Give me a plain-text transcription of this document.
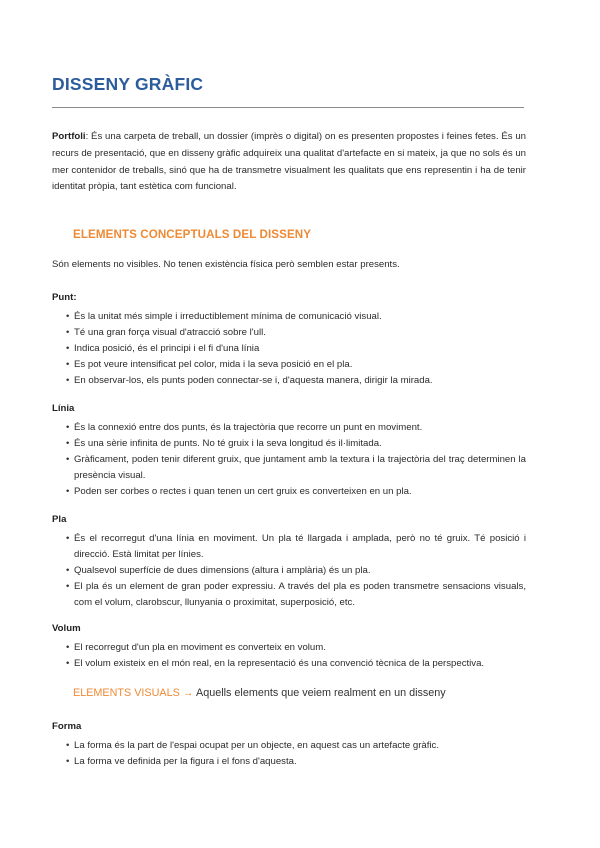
DISSENY GRÀFIC

Portfoli: És una carpeta de treball, un dossier (imprès o digital) on es presenten propostes i feines fetes. És un recurs de presentació, que en disseny gràfic adquireix una qualitat d'artefacte en si mateix, ja que no sols és un mer contenidor de treballs, sinó que ha de transmetre visualment les qualitats que ens representin i ha de tenir identitat pròpia, tant estètica com funcional.

ELEMENTS CONCEPTUALS DEL DISSENY

Són elements no visibles. No tenen existència física però semblen estar presents.

Punt:
• És la unitat més simple i irreductiblement mínima de comunicació visual.
• Té una gran força visual d'atracció sobre l'ull.
• Indica posició, és el principi i el fi d'una línia
• Es pot veure intensificat pel color, mida i la seva posició en el pla.
• En observar-los, els punts poden connectar-se i, d'aquesta manera, dirigir la mirada.
Línia
• És la connexió entre dos punts, és la trajectòria que recorre un punt en moviment.
• És una sèrie infinita de punts. No té gruix i la seva longitud és il·limitada.
• Gràficament, poden tenir diferent gruix, que juntament amb la textura i la trajectòria del traç determinen la presència visual.
• Poden ser corbes o rectes i quan tenen un cert gruix es converteixen en un pla.
Pla
• És el recorregut d'una línia en moviment. Un pla té llargada i amplada, però no té gruix. Té posició i direcció. Està limitat per línies.
• Qualsevol superfície de dues dimensions (altura i amplària) és un pla.
• El pla és un element de gran poder expressiu. A través del pla es poden transmetre sensacions visuals, com el volum, clarobscur, llunyania o proximitat, superposició, etc.
Volum
• El recorregut d'un pla en moviment es converteix en volum.
• El volum existeix en el món real, en la representació és una convenció tècnica de la perspectiva.

ELEMENTS VISUALS → Aquells elements que veiem realment en un disseny

Forma
• La forma és la part de l'espai ocupat per un objecte, en aquest cas un artefacte gràfic.
• La forma ve definida per la figura i el fons d'aquesta.
